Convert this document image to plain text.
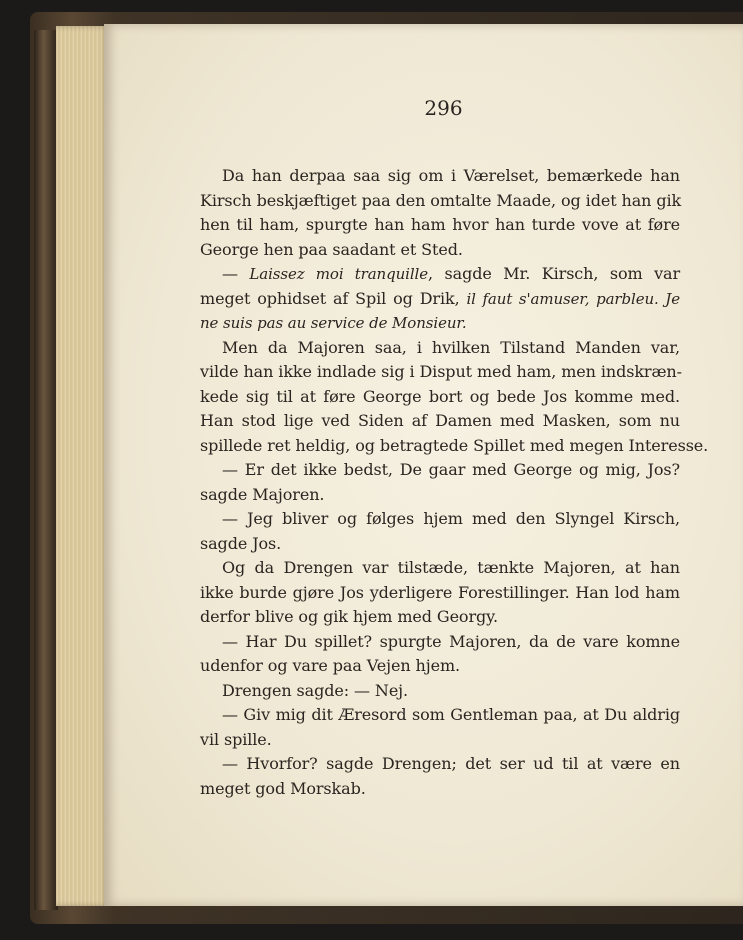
296
Da han derpaa saa sig om i Værelset, bemærkede han
Kirsch beskjæftiget paa den omtalte Maade, og idet han gik
hen til ham, spurgte han ham hvor han turde vove at føre
George hen paa saadant et Sted.
— Laissez moi tranquille, sagde Mr. Kirsch, som var
meget ophidset af Spil og Drik, il faut s'amuser, parbleu. Je
ne suis pas au service de Monsieur.
Men da Majoren saa, i hvilken Tilstand Manden var,
vilde han ikke indlade sig i Disput med ham, men indskræn-
kede sig til at føre George bort og bede Jos komme med.
Han stod lige ved Siden af Damen med Masken, som nu
spillede ret heldig, og betragtede Spillet med megen Interesse.
— Er det ikke bedst, De gaar med George og mig, Jos?
sagde Majoren.
— Jeg bliver og følges hjem med den Slyngel Kirsch,
sagde Jos.
Og da Drengen var tilstæde, tænkte Majoren, at han
ikke burde gjøre Jos yderligere Forestillinger. Han lod ham
derfor blive og gik hjem med Georgy.
— Har Du spillet? spurgte Majoren, da de vare komne
udenfor og vare paa Vejen hjem.
Drengen sagde: — Nej.
— Giv mig dit Æresord som Gentleman paa, at Du aldrig
vil spille.
— Hvorfor? sagde Drengen; det ser ud til at være en
meget god Morskab.
